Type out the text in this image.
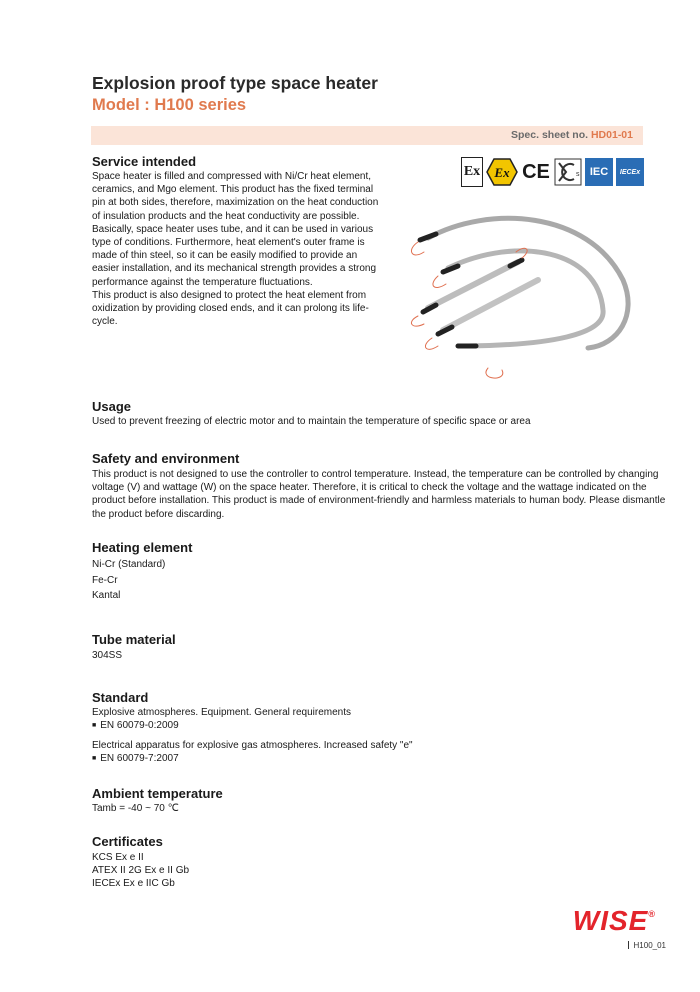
Explosion proof type space heater
Model : H100 series
Spec. sheet no. HD01-01
Ex Ex CE	s IEC	IECEx
Service intended

Space heater is filled and compressed with Ni/Cr heat element, ceramics, and Mgo element. This product has the fixed terminal pin at both sides, therefore, maximization on the heat conduction of insulation products and the heat conductivity are possible.

Basically, space heater uses tube, and it can be used in various type of conditions. Furthermore, heat element's outer frame is made of thin steel, so it can be easily modified to provide an easier installation, and its mechanical strength provides a strong performance against the temperature fluctuations.

This product is also designed to protect the heat element from oxidization by providing closed ends, and it can prolong its life-cycle.

Usage
Used to prevent freezing of electric motor and to maintain the temperature of specific space or area
Safety and environment
This product is not designed to use the controller to control temperature. Instead, the temperature can be controlled by changing voltage (V) and wattage (W) on the space heater. Therefore, it is critical to check the voltage and the wattage indicated on the product before installation. This product is made of environment-friendly and harmless materials to human body. Please dismantle the product before discarding.
Heating element

Ni-Cr (Standard)

Fe-Cr

Kantal

Tube material
304SS
Standard

Explosive atmospheres. Equipment. General requirements

■ EN 60079-0:2009

Electrical apparatus for explosive gas atmospheres. Increased safety "e"

■ EN 60079-7:2007

Ambient temperature
Tamb = -40 ~ 70 ℃
Certificates

KCS Ex e II

ATEX II 2G Ex e II Gb

IECEx Ex e IIC Gb

WISE®
H100_01
